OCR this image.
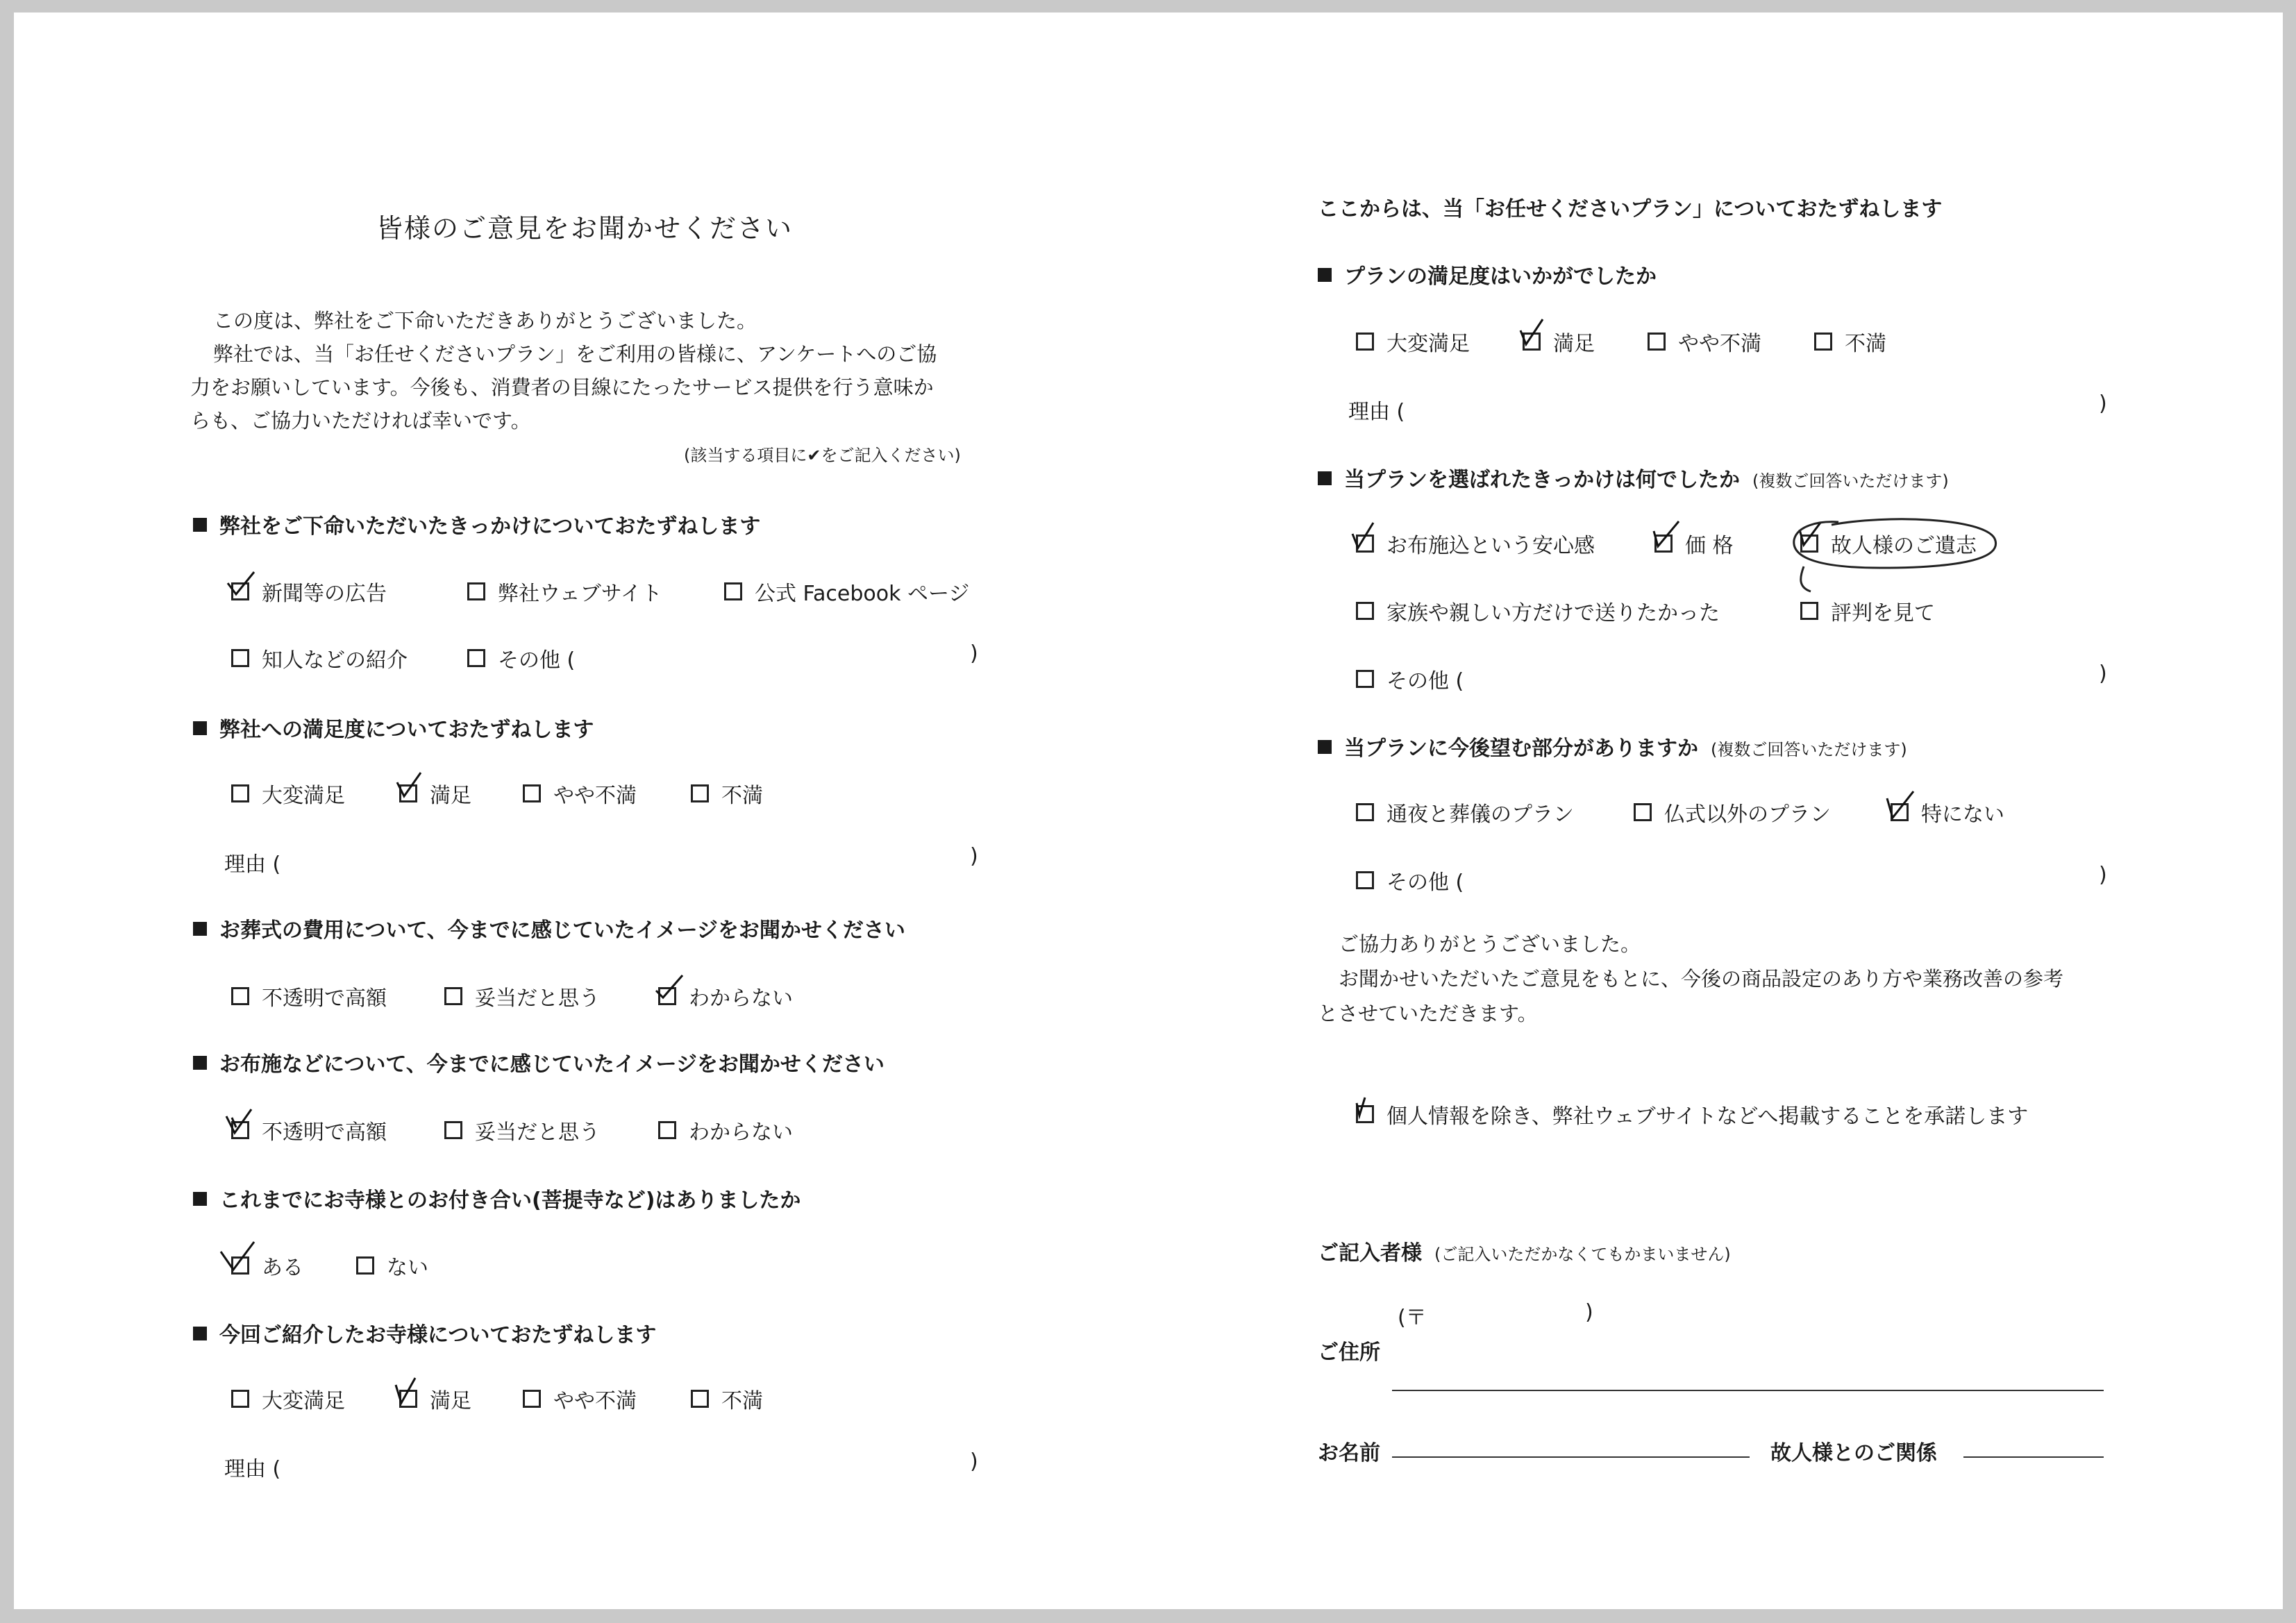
皆様のご意見をお聞かせください
この度は、弊社をご下命いただきありがとうございました。
弊社では、当「お任せくださいプラン」をご利用の皆様に、アンケートへのご協
力をお願いしています。今後も、消費者の目線にたったサービス提供を行う意味か
らも、ご協力いただければ幸いです。
(該当する項目に✔をご記入ください)
弊社をご下命いただいたきっかけについておたずねします
新聞等の広告	弊社ウェブサイト	公式 Facebook ページ
知人などの紹介	その他 (	)
弊社への満足度についておたずねします
大変満足	満足	やや不満	不満
理由 (	)
お葬式の費用について、今までに感じていたイメージをお聞かせください
不透明で高額	妥当だと思う	わからない
お布施などについて、今までに感じていたイメージをお聞かせください
不透明で高額	妥当だと思う	わからない
これまでにお寺様とのお付き合い(菩提寺など)はありましたか
ある	ない
今回ご紹介したお寺様についておたずねします
大変満足	満足	やや不満	不満
理由 (	)
ここからは、当「お任せくださいプラン」についておたずねします
プランの満足度はいかがでしたか
大変満足	満足	やや不満	不満
理由 (	)
当プランを選ばれたきっかけは何でしたか (複数ご回答いただけます)
お布施込という安心感	価 格	故人様のご遺志
家族や親しい方だけで送りたかった	評判を見て
その他 (	)
当プランに今後望む部分がありますか (複数ご回答いただけます)
通夜と葬儀のプラン	仏式以外のプラン	特にない
その他 (	)
ご協力ありがとうございました。
お聞かせいただいたご意見をもとに、今後の商品設定のあり方や業務改善の参考
とさせていただきます。
個人情報を除き、弊社ウェブサイトなどへ掲載することを承諾します
ご記入者様 (ご記入いただかなくてもかまいません)
(〒	)
ご住所
お名前	故人様とのご関係
